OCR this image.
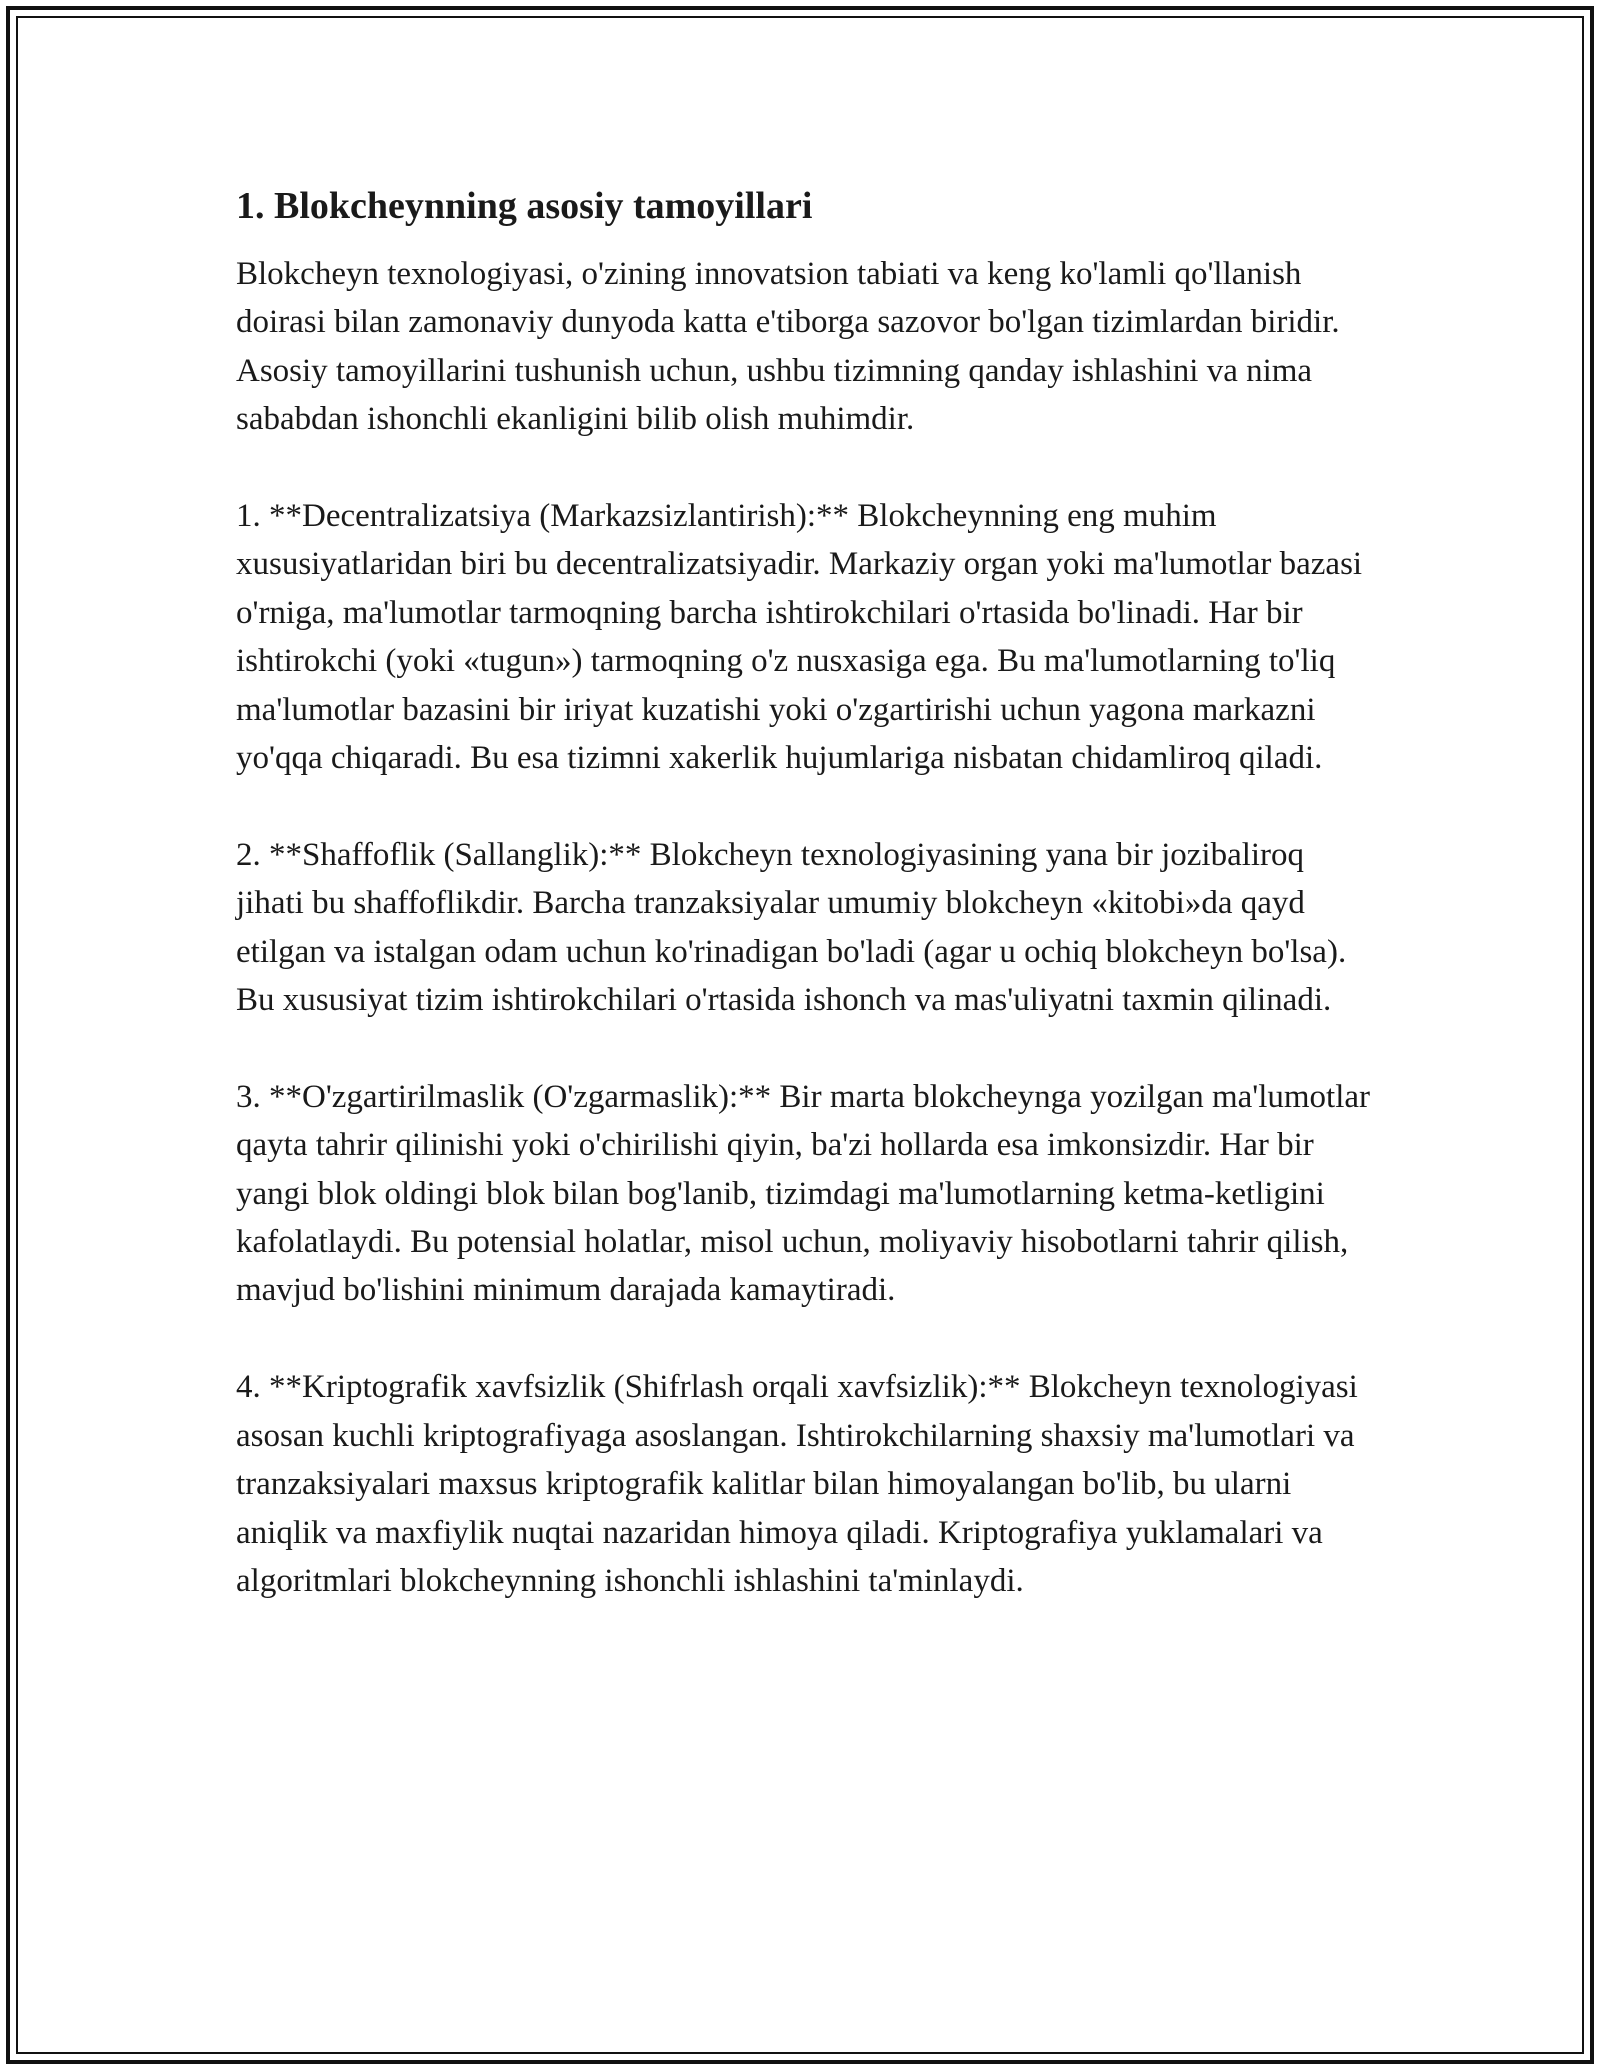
1. Blokcheynning asosiy tamoyillari
Blokcheyn texnologiyasi, o'zining innovatsion tabiati va keng ko'lamli qo'llanish doirasi bilan zamonaviy dunyoda katta e'tiborga sazovor bo'lgan tizimlardan biridir. Asosiy tamoyillarini tushunish uchun, ushbu tizimning qanday ishlashini va nima sababdan ishonchli ekanligini bilib olish muhimdir.
1. **Decentralizatsiya (Markazsizlantirish):** Blokcheynning eng muhim xususiyatlaridan biri bu decentralizatsiyadir. Markaziy organ yoki ma'lumotlar bazasi o'rniga, ma'lumotlar tarmoqning barcha ishtirokchilari o'rtasida bo'linadi. Har bir ishtirokchi (yoki «tugun») tarmoqning o'z nusxasiga ega. Bu ma'lumotlarning to'liq ma'lumotlar bazasini bir iriyat kuzatishi yoki o'zgartirishi uchun yagona markazni yo'qqa chiqaradi. Bu esa tizimni xakerlik hujumlariga nisbatan chidamliroq qiladi.
2. **Shaffoflik (Sallanglik):** Blokcheyn texnologiyasining yana bir jozibaliroq jihati bu shaffoflikdir. Barcha tranzaksiyalar umumiy blokcheyn «kitobi»da qayd etilgan va istalgan odam uchun ko'rinadigan bo'ladi (agar u ochiq blokcheyn bo'lsa). Bu xususiyat tizim ishtirokchilari o'rtasida ishonch va mas'uliyatni taxmin qilinadi.
3. **O'zgartirilmaslik (O'zgarmaslik):** Bir marta blokcheynga yozilgan ma'lumotlar qayta tahrir qilinishi yoki o'chirilishi qiyin, ba'zi hollarda esa imkonsizdir. Har bir yangi blok oldingi blok bilan bog'lanib, tizimdagi ma'lumotlarning ketma-ketligini kafolatlaydi. Bu potensial holatlar, misol uchun, moliyaviy hisobotlarni tahrir qilish, mavjud bo'lishini minimum darajada kamaytiradi.
4. **Kriptografik xavfsizlik (Shifrlash orqali xavfsizlik):** Blokcheyn texnologiyasi asosan kuchli kriptografiyaga asoslangan. Ishtirokchilarning shaxsiy ma'lumotlari va tranzaksiyalari maxsus kriptografik kalitlar bilan himoyalangan bo'lib, bu ularni aniqlik va maxfiylik nuqtai nazaridan himoya qiladi. Kriptografiya yuklamalari va algoritmlari blokcheynning ishonchli ishlashini ta'minlaydi.
